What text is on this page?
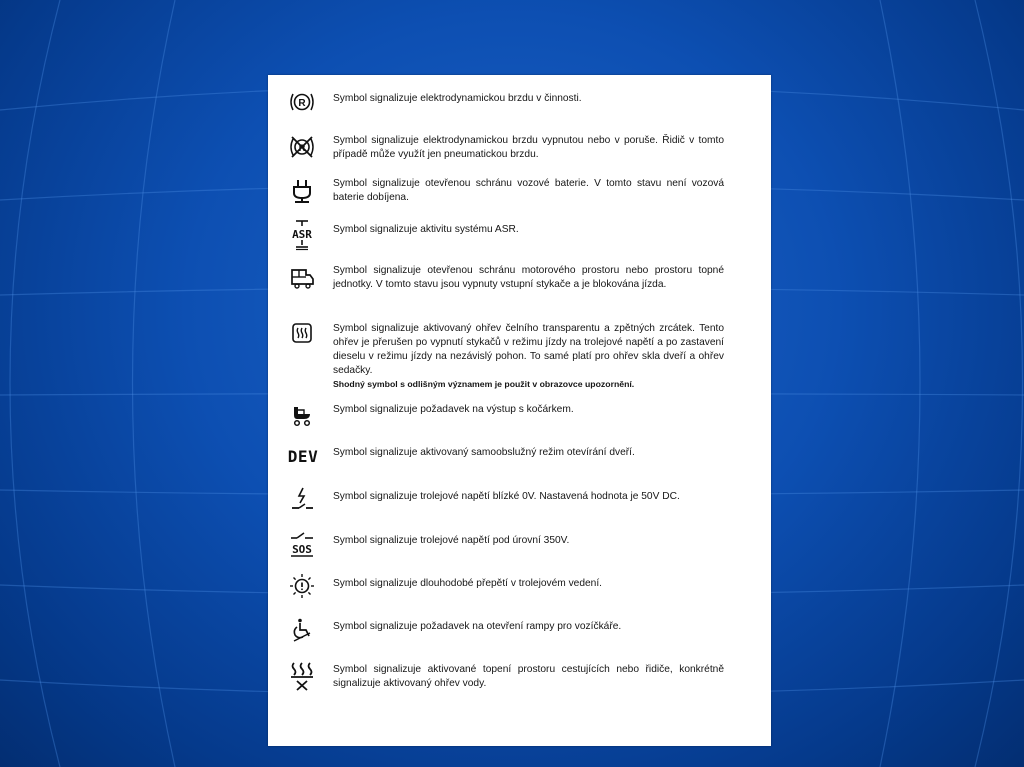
R	Symbol signalizuje elektrodynamickou brzdu v činnosti.
Symbol signalizuje elektrodynamickou brzdu vypnutou nebo v poruše. Řidič v tomto případě může využít jen pneumatickou brzdu.
Symbol signalizuje otevřenou schránu vozové baterie. V tomto stavu není vozová baterie dobíjena.
ASR Symbol signalizuje aktivitu systému ASR.
Symbol signalizuje otevřenou schránu motorového prostoru nebo prostoru topné jednotky. V tomto stavu jsou vypnuty vstupní stykače a je blokována jízda.
Symbol signalizuje aktivovaný ohřev čelního transparentu a zpětných zrcátek. Tento ohřev je přerušen po vypnutí stykačů v režimu jízdy na trolejové napětí a po zastavení dieselu v režimu jízdy na nezávislý pohon. To samé platí pro ohřev skla dveří a ohřev sedačky.
Shodný symbol s odlišným významem je použit v obrazovce upozornění.
Symbol signalizuje požadavek na výstup s kočárkem.
DEV Symbol signalizuje aktivovaný samoobslužný režim otevírání dveří.
Symbol signalizuje trolejové napětí blízké 0V. Nastavená hodnota je 50V DC.
SOS
Symbol signalizuje trolejové napětí pod úrovní 350V.
Symbol signalizuje dlouhodobé přepětí v trolejovém vedení.
Symbol signalizuje požadavek na otevření rampy pro vozíčkáře.
Symbol signalizuje aktivované topení prostoru cestujících nebo řidiče, konkrétně signalizuje aktivovaný ohřev vody.
